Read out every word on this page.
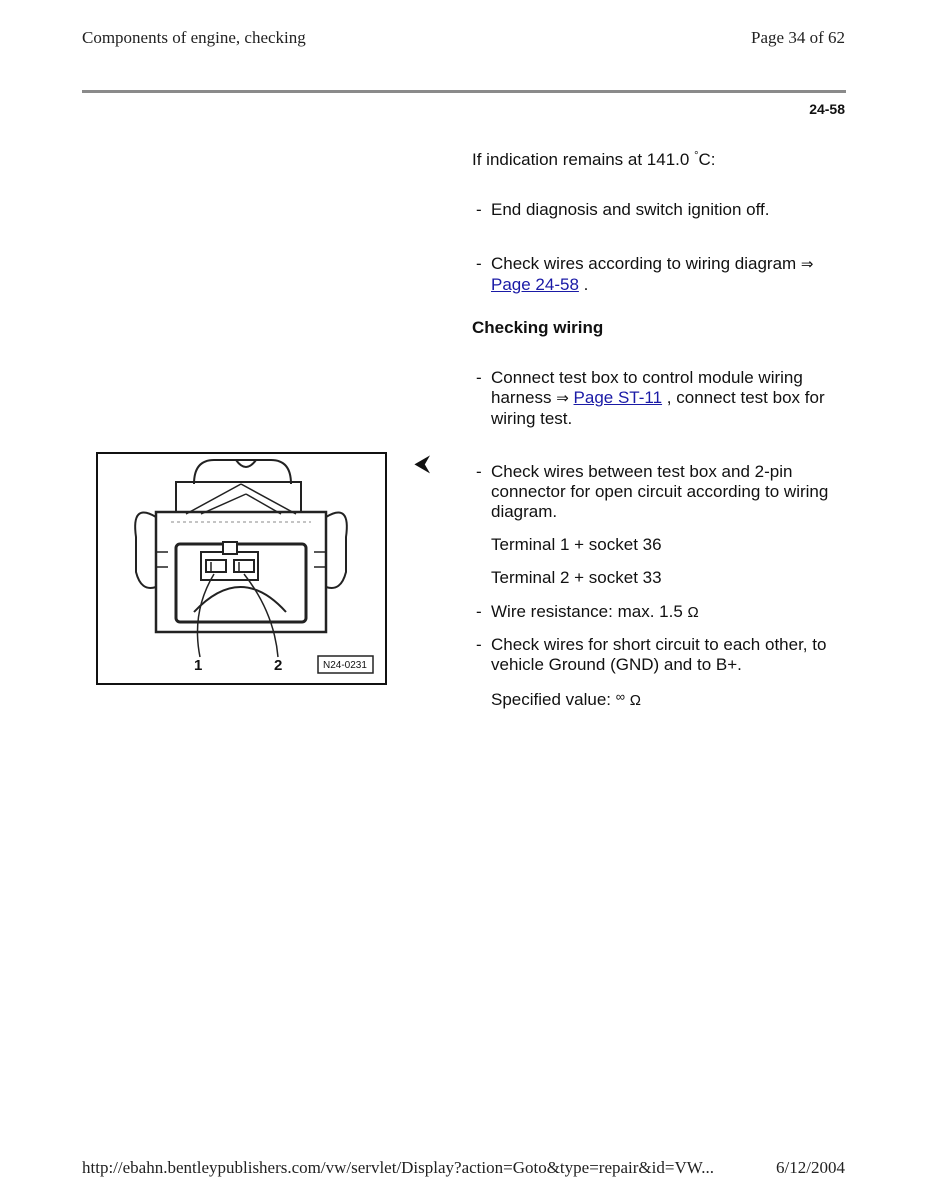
Components of engine, checking	Page 34 of 62
24-58
If indication remains at 141.0 °C:
- End diagnosis and switch ignition off.
- Check wires according to wiring diagram ⇒
Page 24-58 .
Checking wiring
- Connect test box to control module wiring
harness ⇒ Page ST-11 , connect test box for
wiring test.
- Check wires between test box and 2-pin
connector for open circuit according to wiring
diagram.
Terminal 1 + socket 36
Terminal 2 + socket 33
- Wire resistance: max. 1.5 Ω
- Check wires for short circuit to each other, to
vehicle Ground (GND) and to B+.
Specified value: ∞ Ω
⮜
1	2	N24-0231
http://ebahn.bentleypublishers.com/vw/servlet/Display?action=Goto&type=repair&id=VW...	6/12/2004
